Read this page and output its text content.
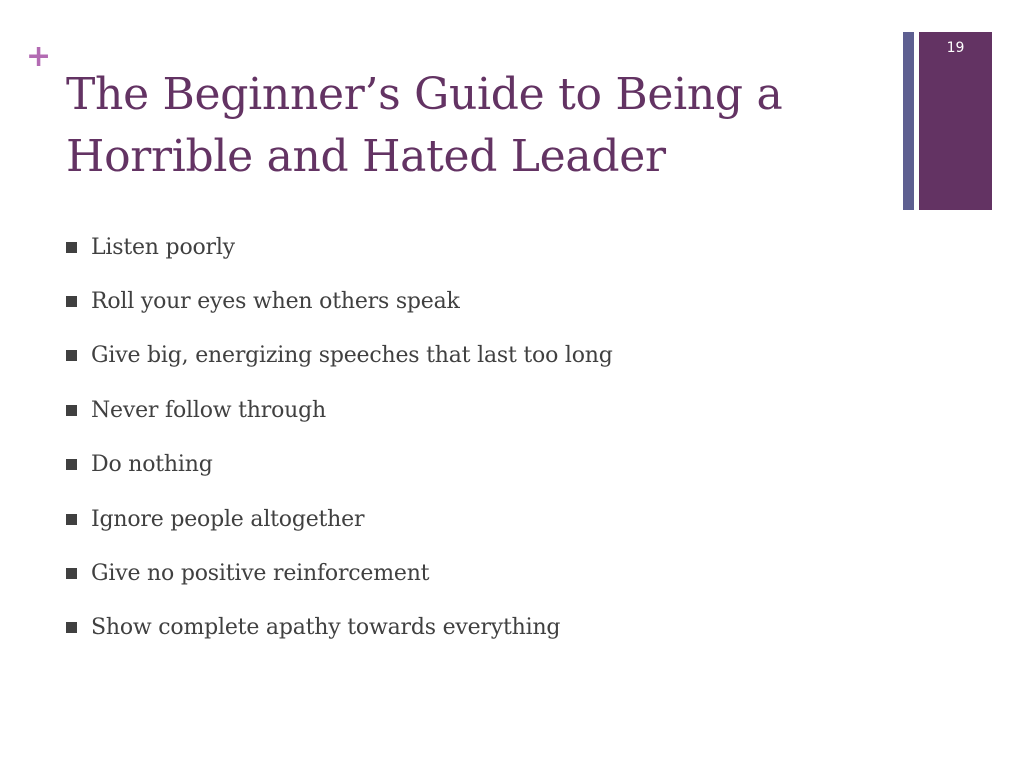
+
The Beginner’s Guide to Being a Horrible and Hated Leader
19
Listen poorly
Roll your eyes when others speak
Give big, energizing speeches that last too long
Never follow through
Do nothing
Ignore people altogether
Give no positive reinforcement
Show complete apathy towards everything
